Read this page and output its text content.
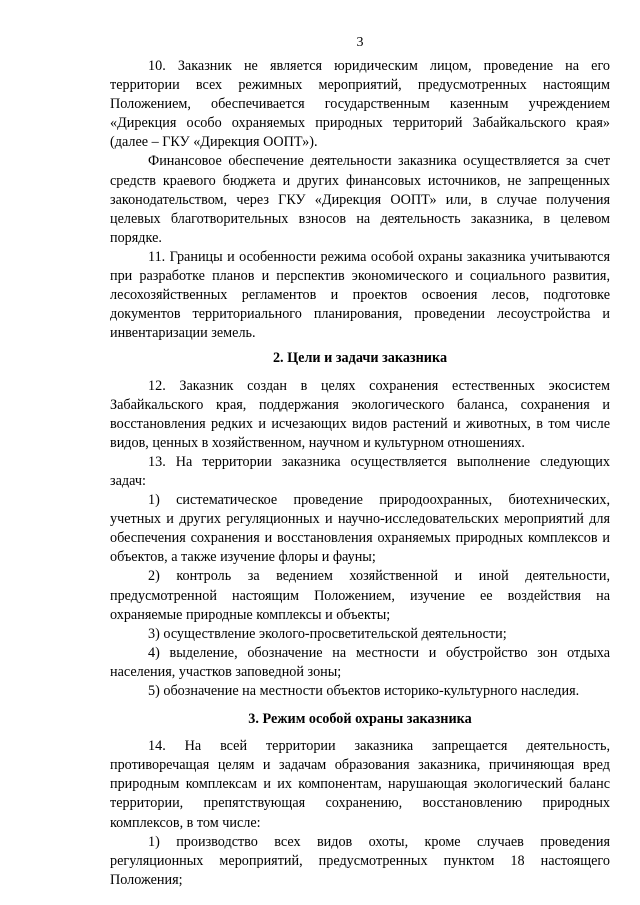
3

10. Заказник не является юридическим лицом, проведение на его территории всех режимных мероприятий, предусмотренных настоящим Положением, обеспечивается государственным казенным учреждением «Дирекция особо охраняемых природных территорий Забайкальского края» (далее – ГКУ «Дирекция ООПТ»).

Финансовое обеспечение деятельности заказника осуществляется за счет средств краевого бюджета и других финансовых источников, не запрещенных законодательством, через ГКУ «Дирекция ООПТ» или, в случае получения целевых благотворительных взносов на деятельность заказника, в целевом порядке.

11. Границы и особенности режима особой охраны заказника учитываются при разработке планов и перспектив экономического и социального развития, лесохозяйственных регламентов и проектов освоения лесов, подготовке документов территориального планирования, проведении лесоустройства и инвентаризации земель.

2. Цели и задачи заказника

12. Заказник создан в целях сохранения естественных экосистем Забайкальского края, поддержания экологического баланса, сохранения и восстановления редких и исчезающих видов растений и животных, в том числе видов, ценных в хозяйственном, научном и культурном отношениях.

13. На территории заказника осуществляется выполнение следующих задач:

1) систематическое проведение природоохранных, биотехнических, учетных и других регуляционных и научно-исследовательских мероприятий для обеспечения сохранения и восстановления охраняемых природных комплексов и объектов, а также изучение флоры и фауны;

2) контроль за ведением хозяйственной и иной деятельности, предусмотренной настоящим Положением, изучение ее воздействия на охраняемые природные комплексы и объекты;

3) осуществление эколого-просветительской деятельности;

4) выделение, обозначение на местности и обустройство зон отдыха населения, участков заповедной зоны;

5) обозначение на местности объектов историко-культурного наследия.

3. Режим особой охраны заказника

14. На всей территории заказника запрещается деятельность, противоречащая целям и задачам образования заказника, причиняющая вред природным комплексам и их компонентам, нарушающая экологический баланс территории, препятствующая сохранению, восстановлению природных комплексов, в том числе:

1) производство всех видов охоты, кроме случаев проведения регуляционных мероприятий, предусмотренных пунктом 18 настоящего Положения;
